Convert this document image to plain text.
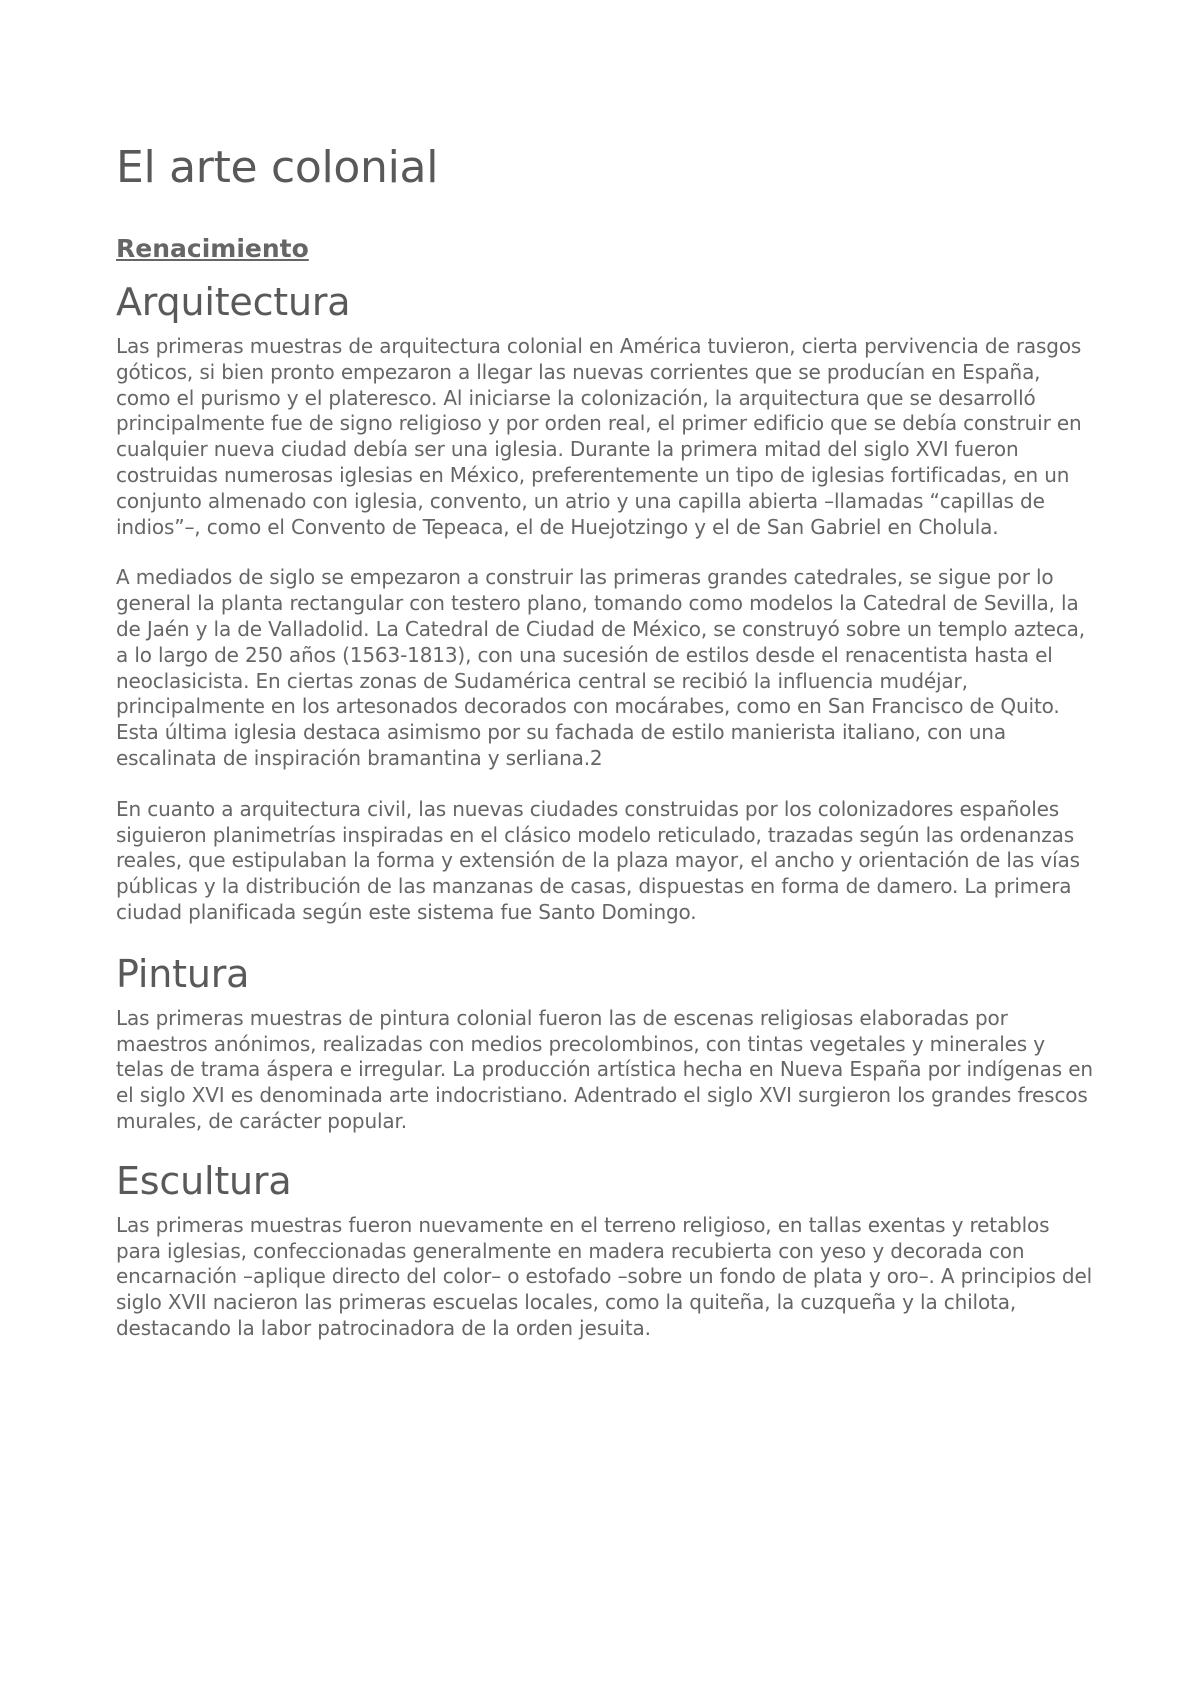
El arte colonial
Renacimiento
Arquitectura

Las primeras muestras de arquitectura colonial en América tuvieron, cierta pervivencia de rasgos góticos, si bien pronto empezaron a llegar las nuevas corrientes que se producían en España, como el purismo y el plateresco. Al iniciarse la colonización, la arquitectura que se desarrolló principalmente fue de signo religioso y por orden real, el primer edificio que se debía construir en cualquier nueva ciudad debía ser una iglesia. Durante la primera mitad del siglo XVI fueron costruidas numerosas iglesias en México, preferentemente un tipo de iglesias fortificadas, en un conjunto almenado con iglesia, convento, un atrio y una capilla abierta –llamadas “capillas de indios”–, como el Convento de Tepeaca, el de Huejotzingo y el de San Gabriel en Cholula.

A mediados de siglo se empezaron a construir las primeras grandes catedrales, se sigue por lo general la planta rectangular con testero plano, tomando como modelos la Catedral de Sevilla, la de Jaén y la de Valladolid. La Catedral de Ciudad de México, se construyó sobre un templo azteca, a lo largo de 250 años (1563-1813), con una sucesión de estilos desde el renacentista hasta el neoclasicista. En ciertas zonas de Sudamérica central se recibió la influencia mudéjar, principalmente en los artesonados decorados con mocárabes, como en San Francisco de Quito. Esta última iglesia destaca asimismo por su fachada de estilo manierista italiano, con una escalinata de inspiración bramantina y serliana.2

En cuanto a arquitectura civil, las nuevas ciudades construidas por los colonizadores españoles siguieron planimetrías inspiradas en el clásico modelo reticulado, trazadas según las ordenanzas reales, que estipulaban la forma y extensión de la plaza mayor, el ancho y orientación de las vías públicas y la distribución de las manzanas de casas, dispuestas en forma de damero. La primera ciudad planificada según este sistema fue Santo Domingo.

Pintura

Las primeras muestras de pintura colonial fueron las de escenas religiosas elaboradas por maestros anónimos, realizadas con medios precolombinos, con tintas vegetales y minerales y telas de trama áspera e irregular. La producción artística hecha en Nueva España por indígenas en el siglo XVI es denominada arte indocristiano. Adentrado el siglo XVI surgieron los grandes frescos murales, de carácter popular.

Escultura

Las primeras muestras fueron nuevamente en el terreno religioso, en tallas exentas y retablos para iglesias, confeccionadas generalmente en madera recubierta con yeso y decorada con encarnación –aplique directo del color– o estofado –sobre un fondo de plata y oro–. A principios del siglo XVII nacieron las primeras escuelas locales, como la quiteña, la cuzqueña y la chilota, destacando la labor patrocinadora de la orden jesuita.
